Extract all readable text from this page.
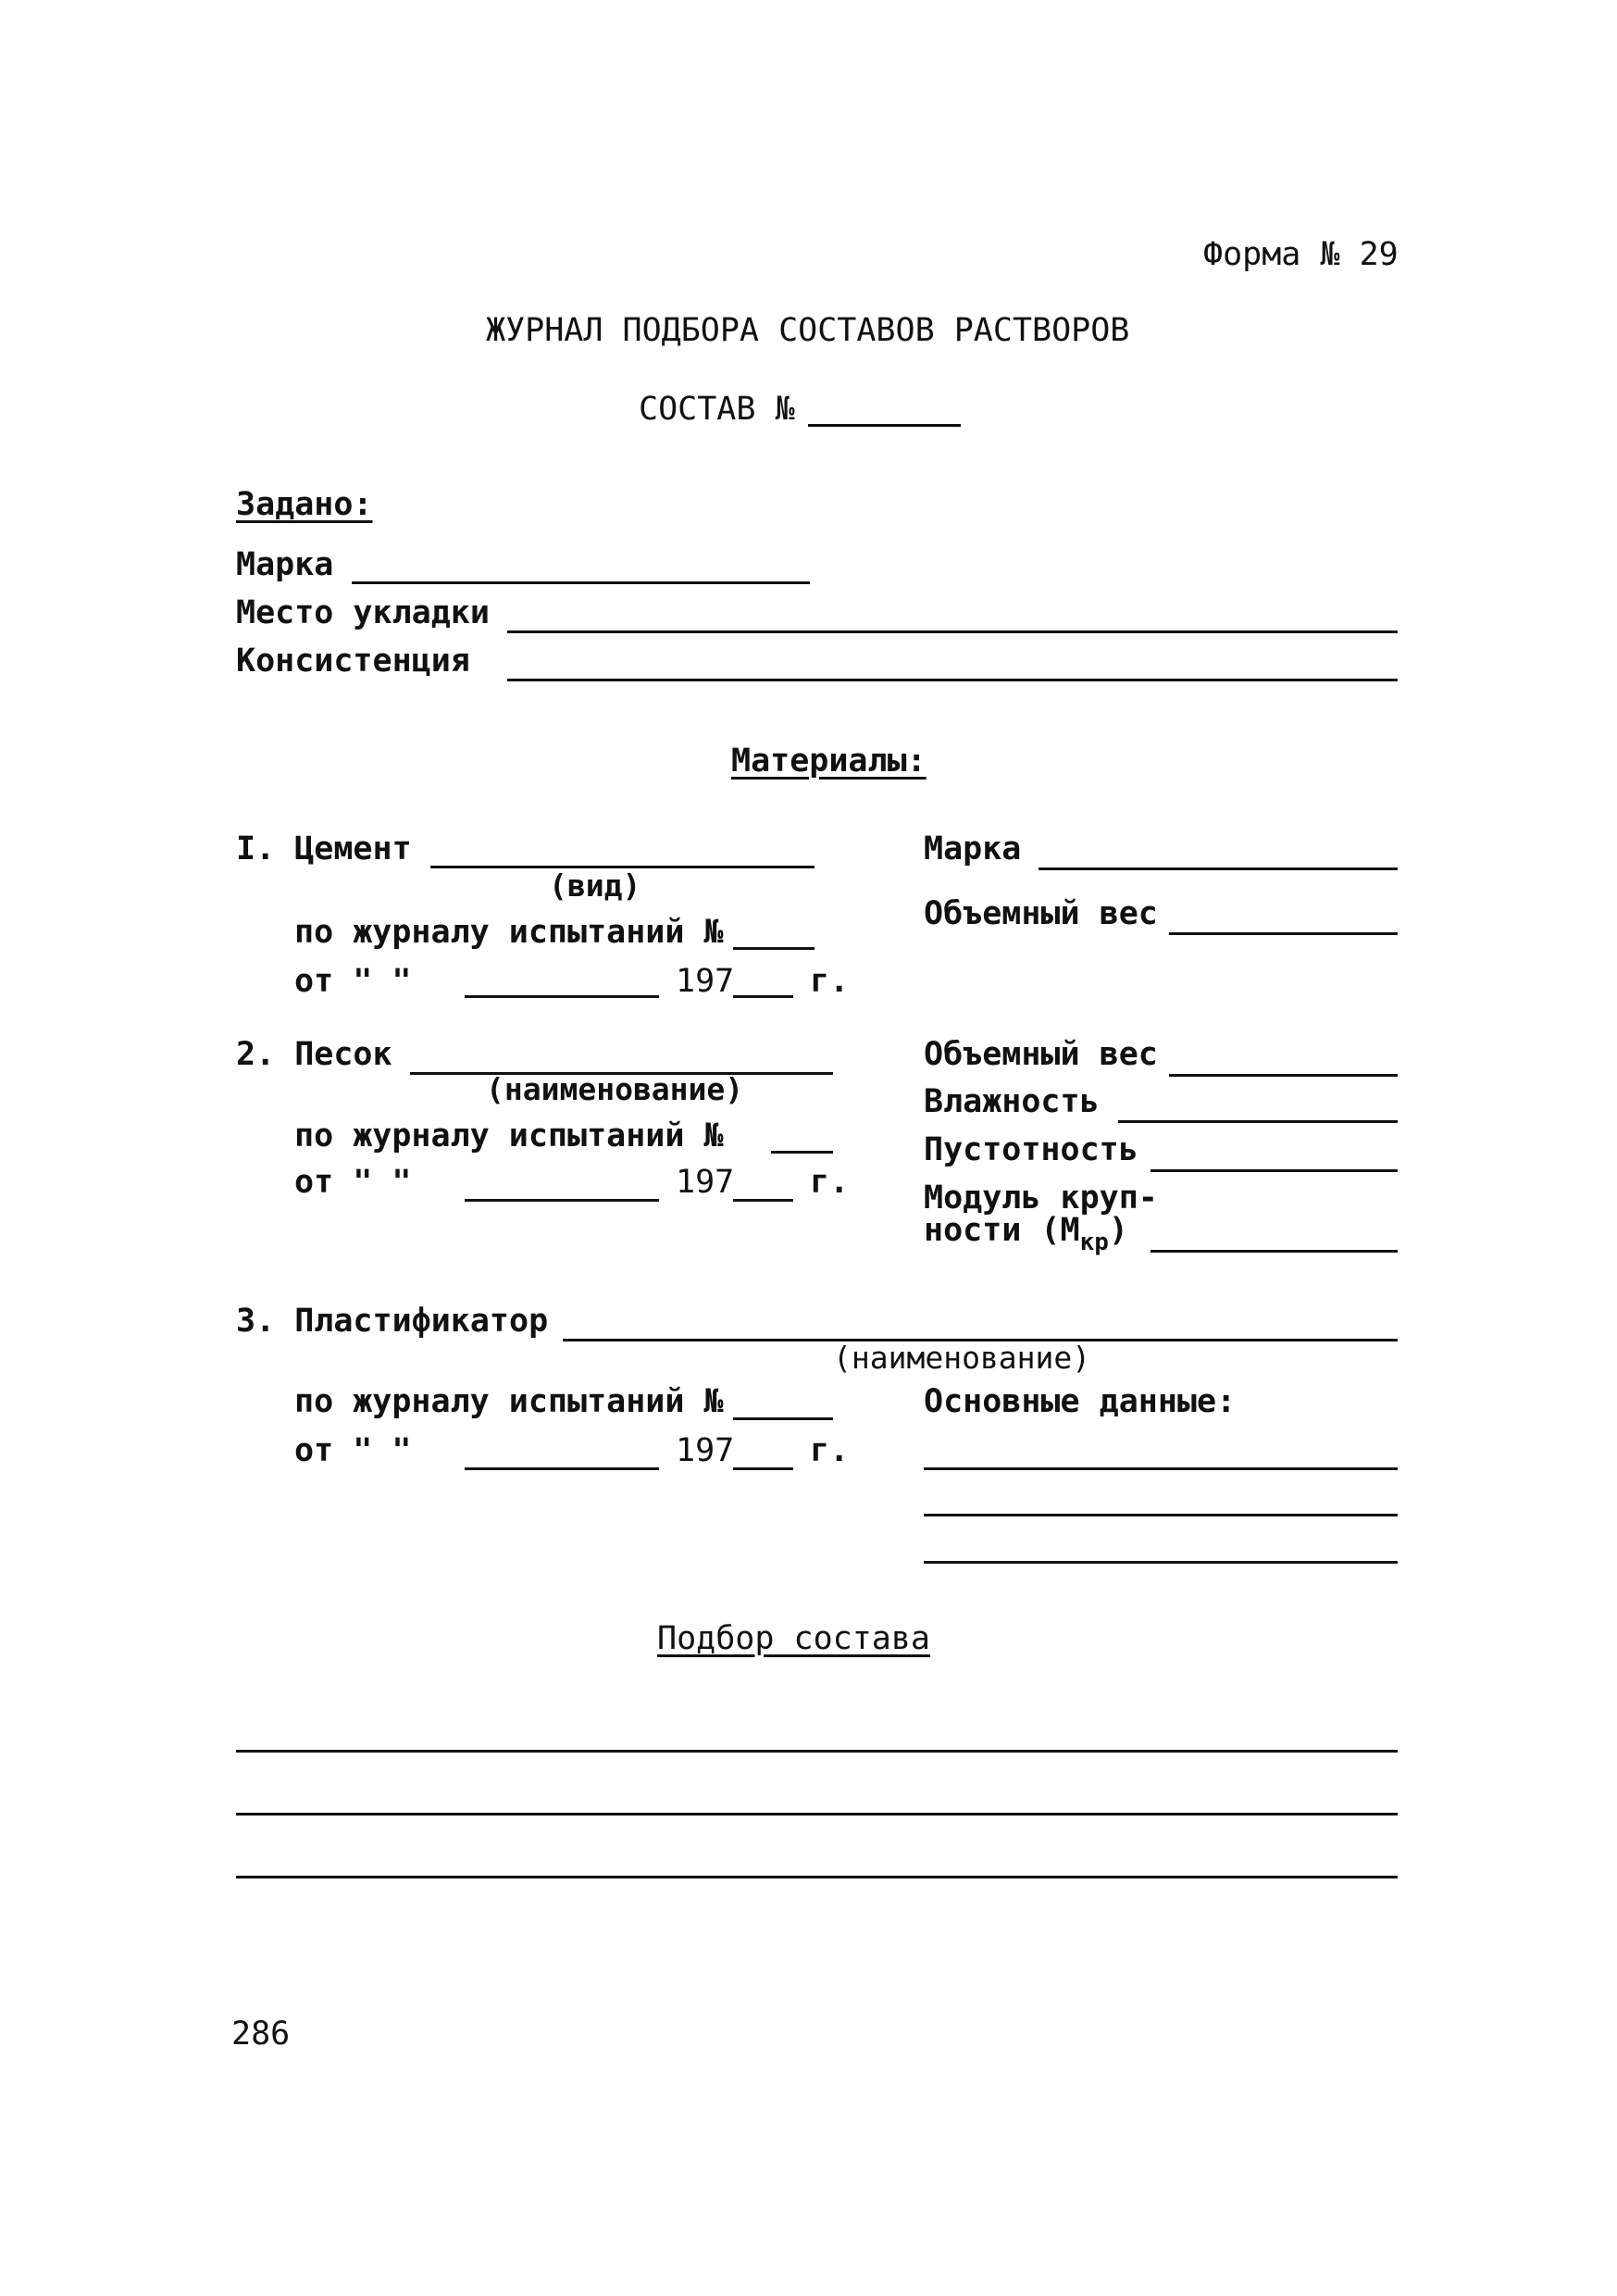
Форма № 29
ЖУРНАЛ ПОДБОРА СОСТАВОВ РАСТВОРОВ
СОСТАВ №
Задано:
Марка
Место укладки
Консистенция
Материалы:
I. Цемент
(вид)
по журналу испытаний №
от " "	197 г.
Марка
Объемный вес
2. Песок
(наименование)
по журналу испытаний №
от " "	197 г.
Объемный вес
Влажность
Пустотность
Модуль круп-
ности $(М_{кр})$
3. Пластификатор
(наименование)
по журналу испытаний №
от " "	197 г.
Основные данные:
Подбор состава
286
